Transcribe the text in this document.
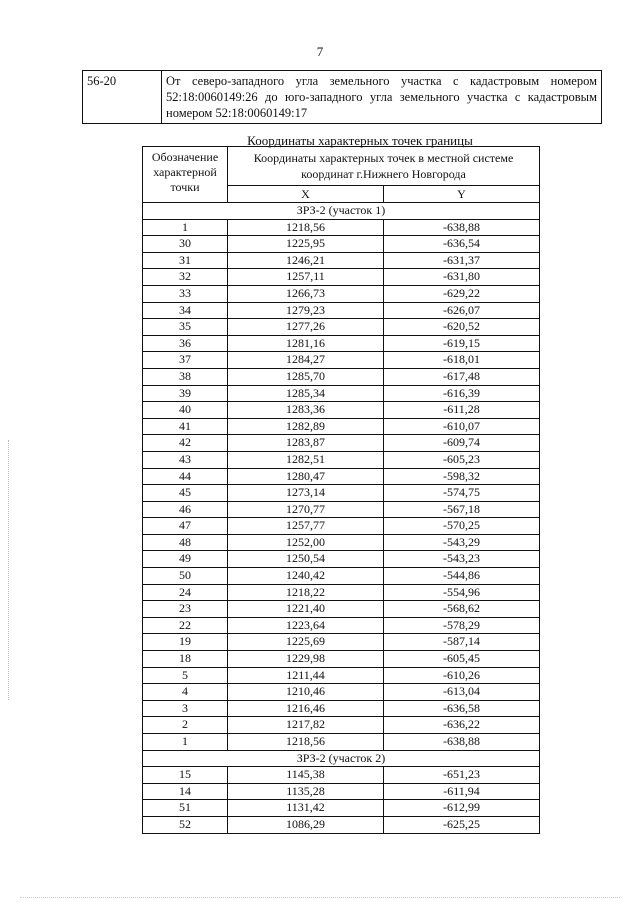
7
56-20	От северо-западного угла земельного участка с кадастровым номером 52:18:0060149:26 до юго-западного угла земельного участка с кадастровым номером 52:18:0060149:17
Координаты характерных точек границы
Обозначение характерной точки	Координаты характерных точек в местной системе координат г.Нижнего Новгорода	
	X	Y
ЗРЗ-2 (участок 1)		
1	1218,56	-638,88
30	1225,95	-636,54
31	1246,21	-631,37
32	1257,11	-631,80
33	1266,73	-629,22
34	1279,23	-626,07
35	1277,26	-620,52
36	1281,16	-619,15
37	1284,27	-618,01
38	1285,70	-617,48
39	1285,34	-616,39
40	1283,36	-611,28
41	1282,89	-610,07
42	1283,87	-609,74
43	1282,51	-605,23
44	1280,47	-598,32
45	1273,14	-574,75
46	1270,77	-567,18
47	1257,77	-570,25
48	1252,00	-543,29
49	1250,54	-543,23
50	1240,42	-544,86
24	1218,22	-554,96
23	1221,40	-568,62
22	1223,64	-578,29
19	1225,69	-587,14
18	1229,98	-605,45
5	1211,44	-610,26
4	1210,46	-613,04
3	1216,46	-636,58
2	1217,82	-636,22
1	1218,56	-638,88
ЗРЗ-2 (участок 2)		
15	1145,38	-651,23
14	1135,28	-611,94
51	1131,42	-612,99
52	1086,29	-625,25
